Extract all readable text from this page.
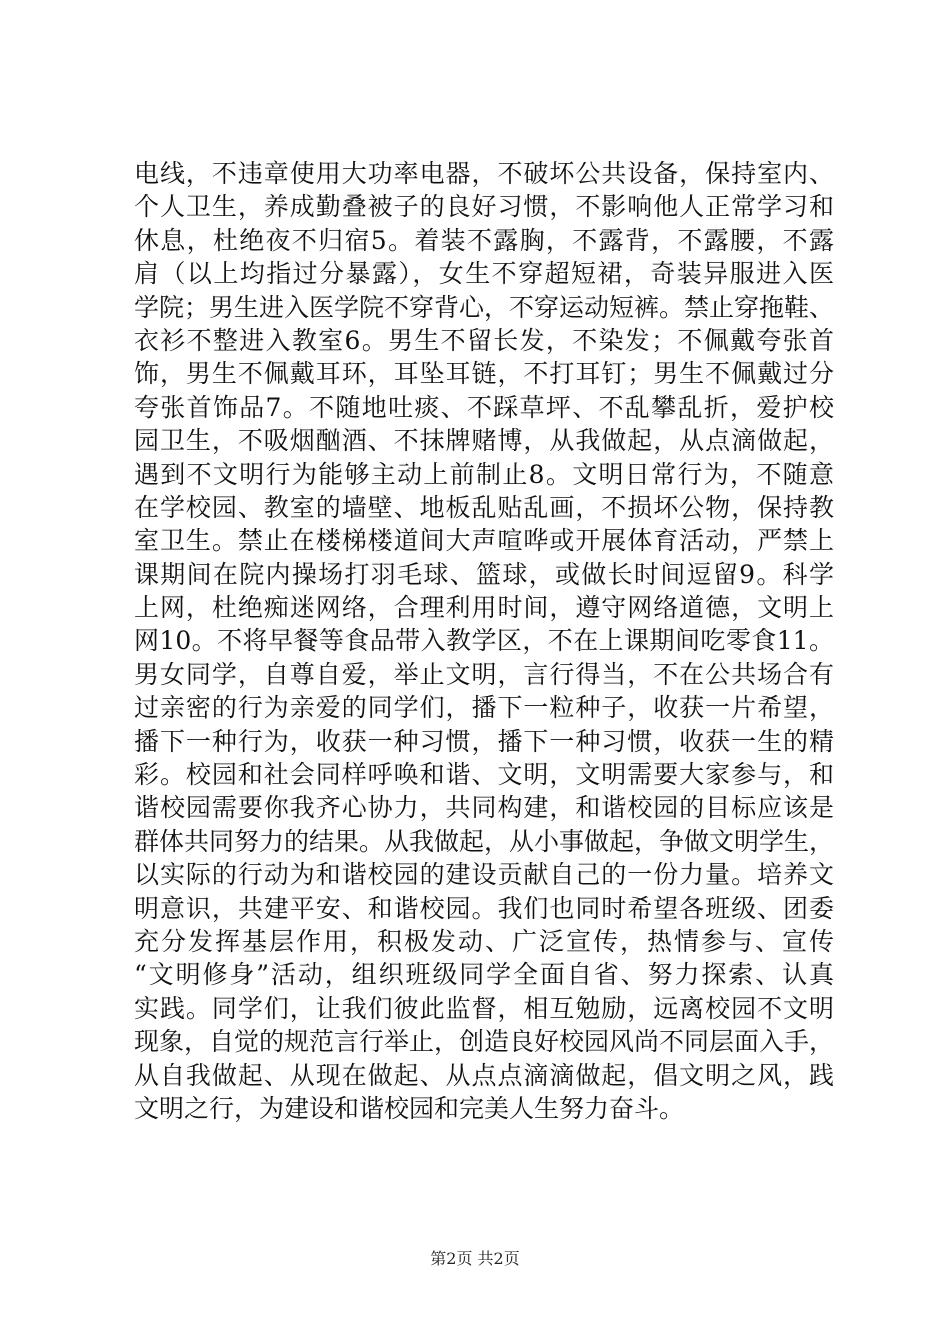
电线，不违章使用大功率电器，不破坏公共设备，保持室内、
个人卫生，养成勤叠被子的良好习惯，不影响他人正常学习和
休息，杜绝夜不归宿5。着装不露胸，不露背，不露腰，不露
肩（以上均指过分暴露），女生不穿超短裙，奇装异服进入医
学院；男生进入医学院不穿背心，不穿运动短裤。禁止穿拖鞋、
衣衫不整进入教室6。男生不留长发，不染发；不佩戴夸张首
饰，男生不佩戴耳环，耳坠耳链，不打耳钉；男生不佩戴过分
夸张首饰品7。不随地吐痰、不踩草坪、不乱攀乱折，爱护校
园卫生，不吸烟酗酒、不抹牌赌博，从我做起，从点滴做起，
遇到不文明行为能够主动上前制止8。文明日常行为，不随意
在学校园、教室的墙壁、地板乱贴乱画，不损坏公物，保持教
室卫生。禁止在楼梯楼道间大声喧哗或开展体育活动，严禁上
课期间在院内操场打羽毛球、篮球，或做长时间逗留9。科学
上网，杜绝痴迷网络，合理利用时间，遵守网络道德，文明上
网10。不将早餐等食品带入教学区，不在上课期间吃零食11。
男女同学，自尊自爱，举止文明，言行得当，不在公共场合有
过亲密的行为亲爱的同学们，播下一粒种子，收获一片希望，
播下一种行为，收获一种习惯，播下一种习惯，收获一生的精
彩。校园和社会同样呼唤和谐、文明，文明需要大家参与，和
谐校园需要你我齐心协力，共同构建，和谐校园的目标应该是
群体共同努力的结果。从我做起，从小事做起，争做文明学生，
以实际的行动为和谐校园的建设贡献自己的一份力量。培养文
明意识，共建平安、和谐校园。我们也同时希望各班级、团委
充分发挥基层作用，积极发动、广泛宣传，热情参与、宣传
“文明修身”活动，组织班级同学全面自省、努力探索、认真
实践。同学们，让我们彼此监督，相互勉励，远离校园不文明
现象，自觉的规范言行举止，创造良好校园风尚不同层面入手，
从自我做起、从现在做起、从点点滴滴做起，倡文明之风，践
文明之行，为建设和谐校园和完美人生努力奋斗。
第2页 共2页
